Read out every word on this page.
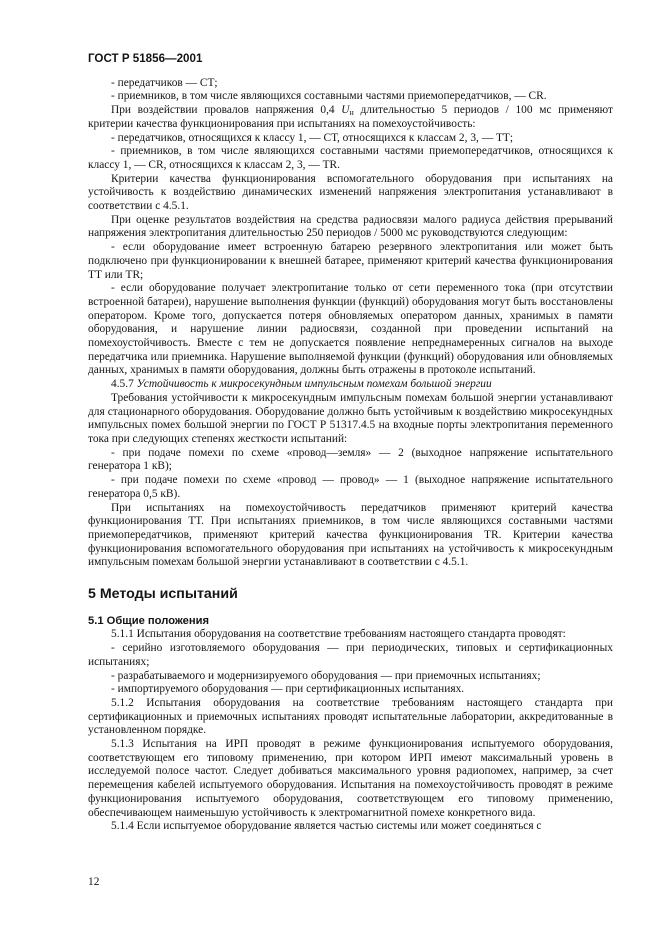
ГОСТ Р 51856—2001

- передатчиков — СТ;

- приемников, в том числе являющихся составными частями приемопередатчиков, — CR.

При воздействии провалов напряжения 0,4 $U_н$ длительностью 5 периодов / 100 мс применяют критерии качества функционирования при испытаниях на помехоустойчивость:

- передатчиков, относящихся к классу 1, — СТ, относящихся к классам 2, 3, — ТТ;

- приемников, в том числе являющихся составными частями приемопередатчиков, относящихся к классу 1, — CR, относящихся к классам 2, 3, — TR.

Критерии качества функционирования вспомогательного оборудования при испытаниях на устойчивость к воздействию динамических изменений напряжения электропитания устанавливают в соответствии с 4.5.1.

При оценке результатов воздействия на средства радиосвязи малого радиуса действия прерываний напряжения электропитания длительностью 250 периодов / 5000 мс руководствуются следующим:

- если оборудование имеет встроенную батарею резервного электропитания или может быть подключено при функционировании к внешней батарее, применяют критерий качества функционирования ТТ или TR;

- если оборудование получает электропитание только от сети переменного тока (при отсутствии встроенной батареи), нарушение выполнения функции (функций) оборудования могут быть восстановлены оператором. Кроме того, допускается потеря обновляемых оператором данных, хранимых в памяти оборудования, и нарушение линии радиосвязи, созданной при проведении испытаний на помехоустойчивость. Вместе с тем не допускается появление непреднамеренных сигналов на выходе передатчика или приемника. Нарушение выполняемой функции (функций) оборудования или обновляемых данных, хранимых в памяти оборудования, должны быть отражены в протоколе испытаний.

4.5.7 Устойчивость к микросекундным импульсным помехам большой энергии

Требования устойчивости к микросекундным импульсным помехам большой энергии устанавливают для стационарного оборудования. Оборудование должно быть устойчивым к воздействию микросекундных импульсных помех большой энергии по ГОСТ Р 51317.4.5 на входные порты электропитания переменного тока при следующих степенях жесткости испытаний:

- при подаче помехи по схеме «провод—земля» — 2 (выходное напряжение испытательного генератора 1 кВ);

- при подаче помехи по схеме «провод — провод» — 1 (выходное напряжение испытательного генератора 0,5 кВ).

При испытаниях на помехоустойчивость передатчиков применяют критерий качества функционирования ТТ. При испытаниях приемников, в том числе являющихся составными частями приемопередатчиков, применяют критерий качества функционирования TR. Критерии качества функционирования вспомогательного оборудования при испытаниях на устойчивость к микросекундным импульсным помехам большой энергии устанавливают в соответствии с 4.5.1.

5 Методы испытаний
5.1 Общие положения

5.1.1 Испытания оборудования на соответствие требованиям настоящего стандарта проводят:

- серийно изготовляемого оборудования — при периодических, типовых и сертификационных испытаниях;

- разрабатываемого и модернизируемого оборудования — при приемочных испытаниях;

- импортируемого оборудования — при сертификационных испытаниях.

5.1.2 Испытания оборудования на соответствие требованиям настоящего стандарта при сертификационных и приемочных испытаниях проводят испытательные лаборатории, аккредитованные в установленном порядке.

5.1.3 Испытания на ИРП проводят в режиме функционирования испытуемого оборудования, соответствующем его типовому применению, при котором ИРП имеют максимальный уровень в исследуемой полосе частот. Следует добиваться максимального уровня радиопомех, например, за счет перемещения кабелей испытуемого оборудования. Испытания на помехоустойчивость проводят в режиме функционирования испытуемого оборудования, соответствующем его типовому применению, обеспечивающем наименьшую устойчивость к электромагнитной помехе конкретного вида.

5.1.4 Если испытуемое оборудование является частью системы или может соединяться с

12
